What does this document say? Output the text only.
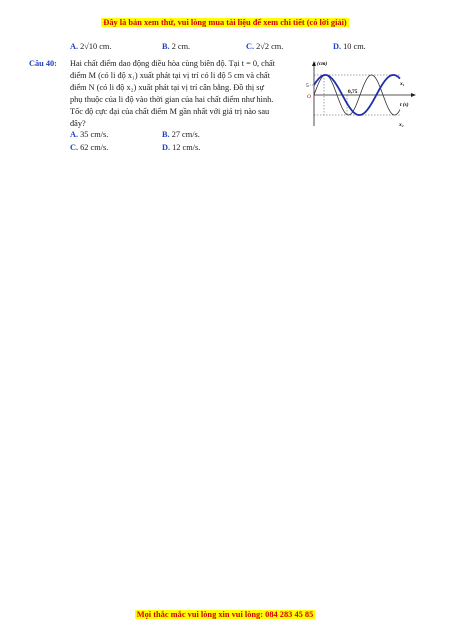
Đây là bản xem thử, vui lòng mua tài liệu để xem chi tiết (có lời giải)
A. 2√10 cm.	B. 2 cm.	C. 2√2 cm.	D. 10 cm.
Câu 40: Hai chất điểm dao động điều hòa cùng biên độ. Tại t = 0, chất
điểm M (có li độ x₁) xuất phát tại vị trí có li độ 5 cm và chất
điểm N (có li độ x₂) xuất phát tại vị trí cân bằng. Đồ thị sự
phụ thuộc của li độ vào thời gian của hai chất điểm như hình.
Tốc độ cực đại của chất điểm M gần nhất với giá trị nào sau
đây?
A. 35 cm/s.	B. 27 cm/s.
C. 62 cm/s.	D. 12 cm/s.
x (cm)
O
5
0,75
t (s)
x₁
x₂
Mọi thắc mắc vui lòng xin vui lòng: 084 283 45 85
